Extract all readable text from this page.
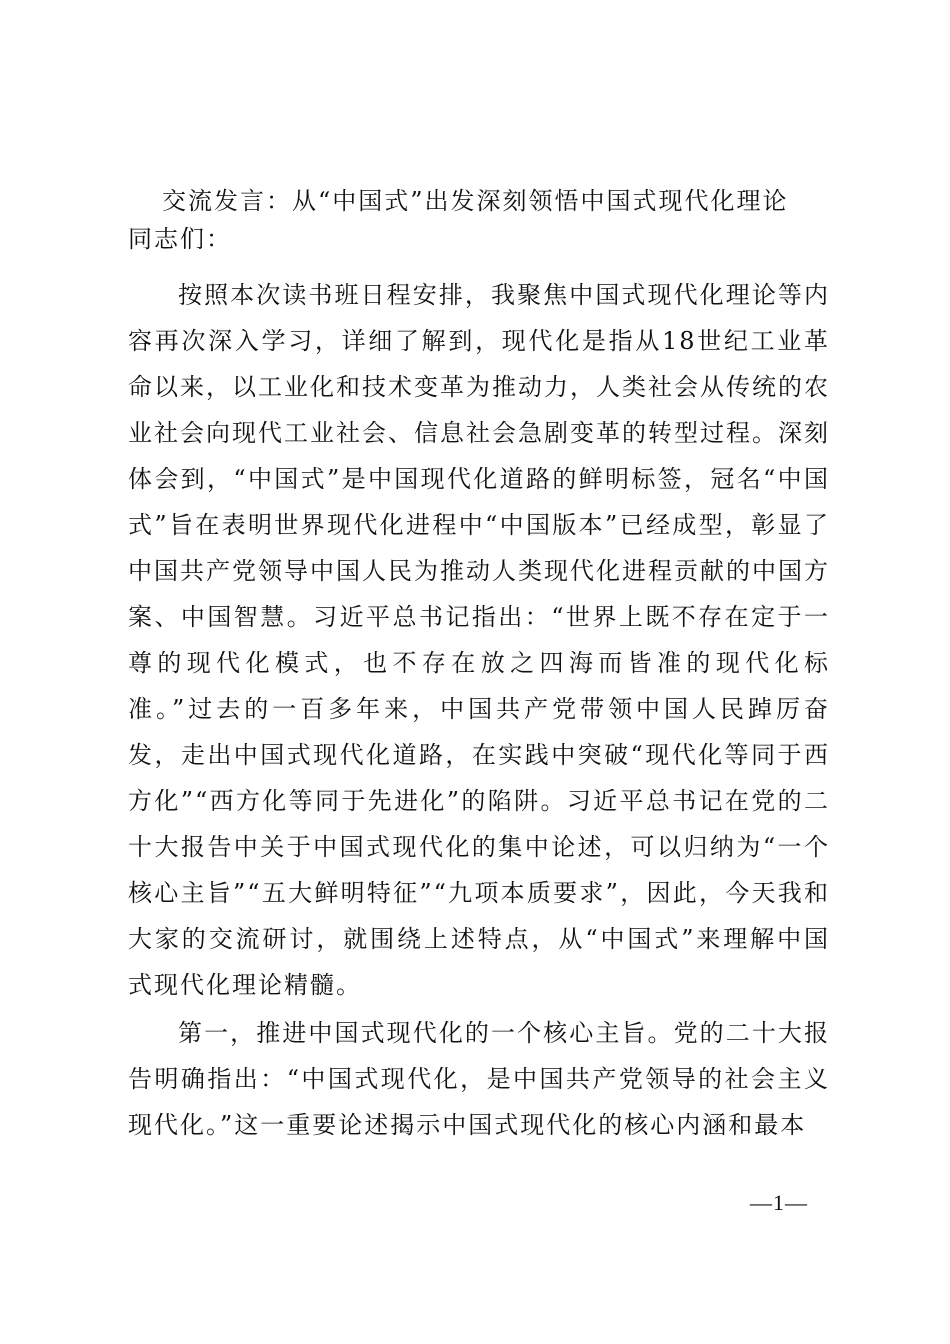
交流发言：从“中国式”出发深刻领悟中国式现代化理论
同志们：
按照本次读书班日程安排，我聚焦中国式现代化理论等内容再次深入学习，详细了解到，现代化是指从18世纪工业革命以来，以工业化和技术变革为推动力，人类社会从传统的农业社会向现代工业社会、信息社会急剧变革的转型过程。深刻体会到，“中国式”是中国现代化道路的鲜明标签，冠名“中国式”旨在表明世界现代化进程中“中国版本”已经成型，彰显了中国共产党领导中国人民为推动人类现代化进程贡献的中国方案、中国智慧。习近平总书记指出：“世界上既不存在定于一尊的现代化模式，也不存在放之四海而皆准的现代化标准。”过去的一百多年来，中国共产党带领中国人民踔厉奋发，走出中国式现代化道路，在实践中突破“现代化等同于西方化”“西方化等同于先进化”的陷阱。习近平总书记在党的二十大报告中关于中国式现代化的集中论述，可以归纳为“一个核心主旨”“五大鲜明特征”“九项本质要求”，因此，今天我和大家的交流研讨，就围绕上述特点，从“中国式”来理解中国式现代化理论精髓。
第一，推进中国式现代化的一个核心主旨。党的二十大报告明确指出：“中国式现代化，是中国共产党领导的社会主义现代化。”这一重要论述揭示中国式现代化的核心内涵和最本
—1—
